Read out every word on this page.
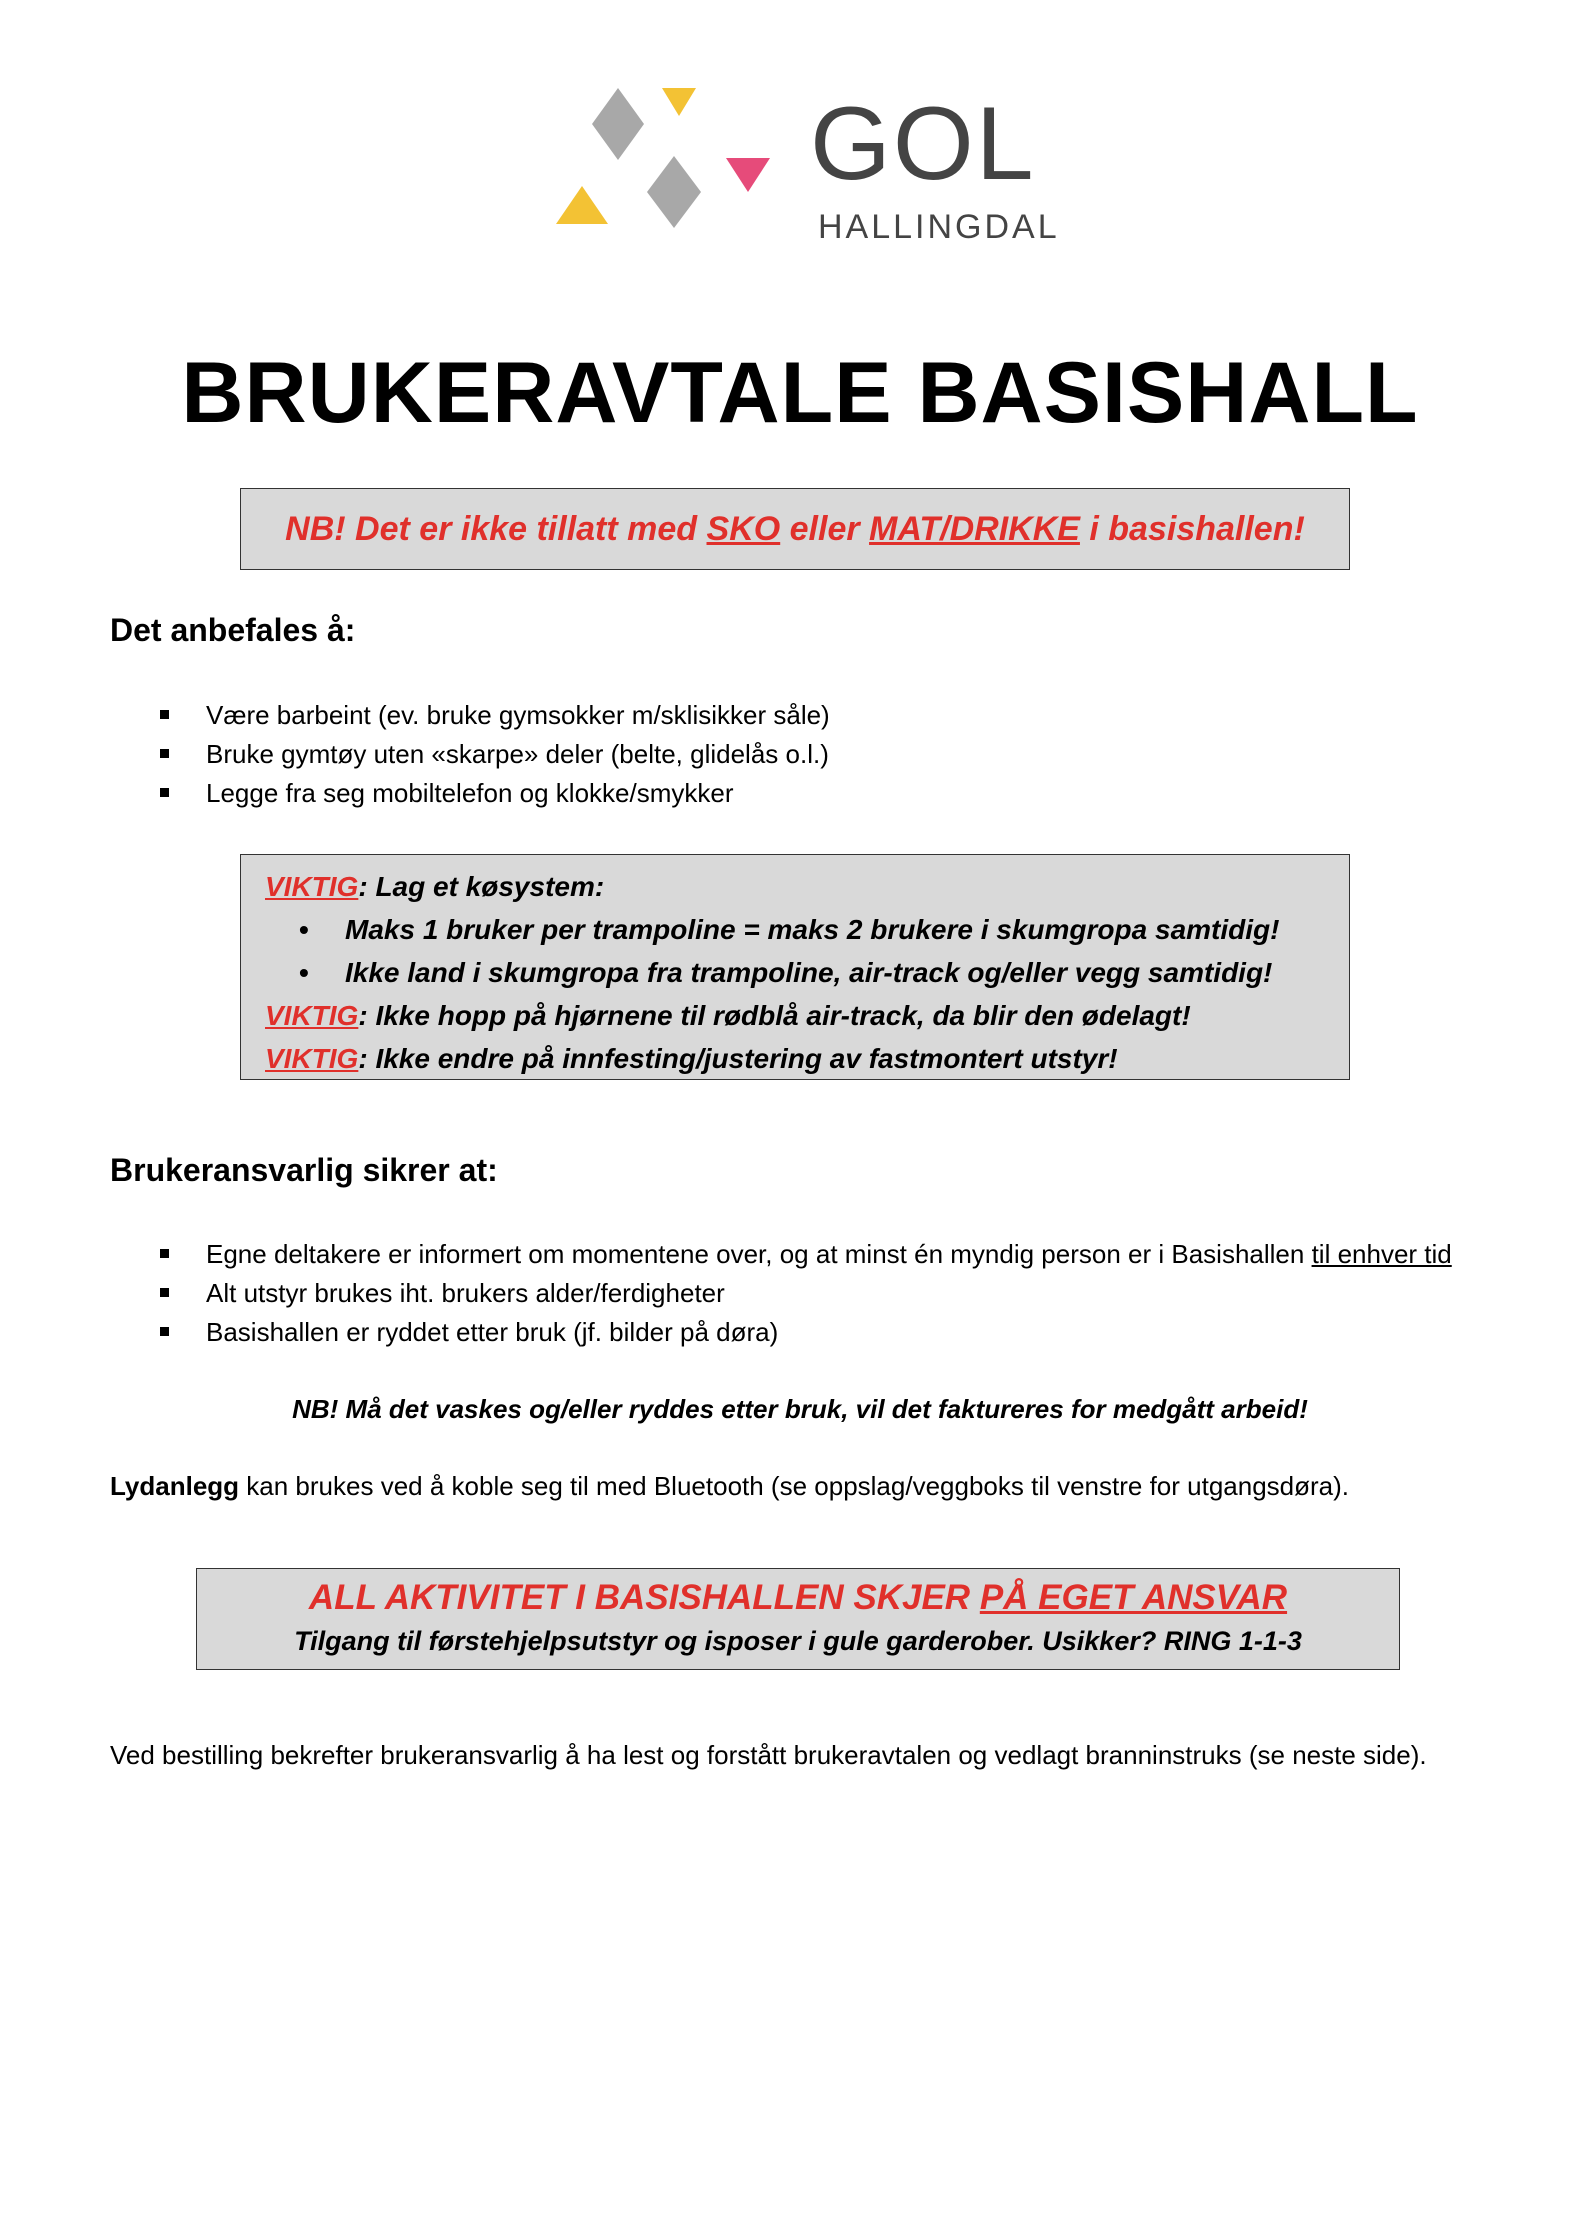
GOL
HALLINGDAL
BRUKERAVTALE BASISHALL
NB! Det er ikke tillatt med SKO eller MAT/DRIKKE i basishallen!
Det anbefales å:
Være barbeint (ev. bruke gymsokker m/sklisikker såle)
Bruke gymtøy uten «skarpe» deler (belte, glidelås o.l.)
Legge fra seg mobiltelefon og klokke/smykker
VIKTIG: Lag et køsystem:
• Maks 1 bruker per trampoline = maks 2 brukere i skumgropa samtidig!
• Ikke land i skumgropa fra trampoline, air-track og/eller vegg samtidig!
VIKTIG: Ikke hopp på hjørnene til rødblå air-track, da blir den ødelagt!
VIKTIG: Ikke endre på innfesting/justering av fastmontert utstyr!
Brukeransvarlig sikrer at:
Egne deltakere er informert om momentene over, og at minst én myndig person er i Basishallen til enhver tid
Alt utstyr brukes iht. brukers alder/ferdigheter
Basishallen er ryddet etter bruk (jf. bilder på døra)
NB! Må det vaskes og/eller ryddes etter bruk, vil det faktureres for medgått arbeid!
Lydanlegg kan brukes ved å koble seg til med Bluetooth (se oppslag/veggboks til venstre for utgangsdøra).
ALL AKTIVITET I BASISHALLEN SKJER PÅ EGET ANSVAR
Tilgang til førstehjelpsutstyr og isposer i gule garderober. Usikker? RING 1-1-3
Ved bestilling bekrefter brukeransvarlig å ha lest og forstått brukeravtalen og vedlagt branninstruks (se neste side).
